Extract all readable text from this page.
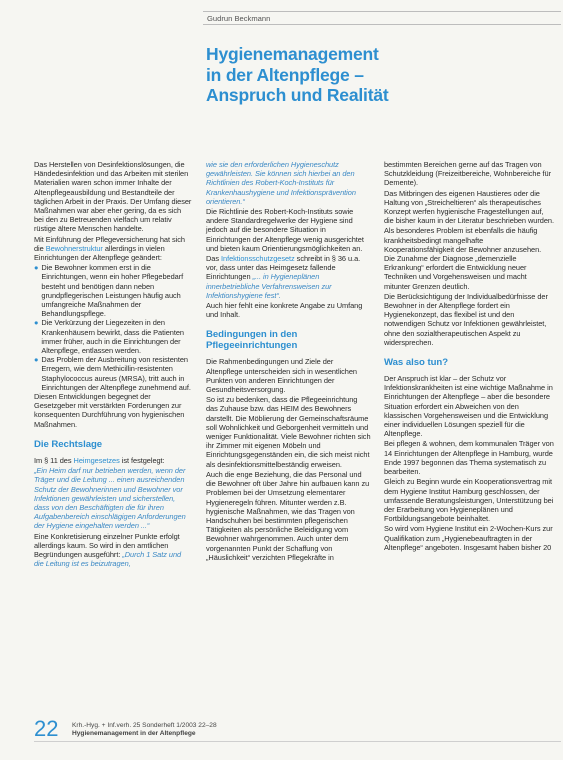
Gudrun Beckmann
Hygienemanagement
in der Altenpflege –
Anspruch und Realität

Das Herstellen von Desinfektionslösungen, die Händedesinfektion und das Arbeiten mit sterilen Materialien waren schon immer Inhalte der Altenpflegeausbildung und Bestandteile der täglichen Arbeit in der Praxis. Der Umfang dieser Maßnahmen war aber eher gering, da es sich bei den zu Betreuenden vielfach um relativ rüstige ältere Menschen handelte.

Mit Einführung der Pflegeversicherung hat sich die Bewohnerstruktur allerdings in vielen Einrichtungen der Altenpflege geändert:

● Die Bewohner kommen erst in die Einrichtungen, wenn ein hoher Pflegebedarf besteht und benötigen dann neben grundpflegerischen Leistungen häufig auch umfangreiche Maßnahmen der Behandlungspflege.
● Die Verkürzung der Liegezeiten in den Krankenhäusern bewirkt, dass die Patienten immer früher, auch in die Einrichtungen der Altenpflege, entlassen werden.
● Das Problem der Ausbreitung von resistenten Erregern, wie dem Methicillin-resistenten Staphylococcus aureus (MRSA), tritt auch in Einrichtungen der Altenpflege zunehmend auf.

Diesen Entwicklungen begegnet der Gesetzgeber mit verstärkten Forderungen zur konsequenten Durchführung von hygienischen Maßnahmen.

Die Rechtslage

Im § 11 des Heimgesetzes ist festgelegt:

„Ein Heim darf nur betrieben werden, wenn der Träger und die Leitung ... einen ausreichenden Schutz der Bewohnerinnen und Bewohner vor Infektionen gewährleisten und sicherstellen, dass von den Beschäftigten die für ihren Aufgabenbereich einschlägigen Anforderungen der Hygiene eingehalten werden ...“

Eine Konkretisierung einzelner Punkte erfolgt allerdings kaum. So wird in den amtlichen Begründungen ausgeführt: „Durch 1 Satz und die Leitung ist es beizutragen,

wie sie den erforderlichen Hygieneschutz gewährleisten. Sie können sich hierbei an den Richtlinien des Robert-Koch-Instituts für Krankenhaushygiene und Infektionsprävention orientieren.“

Die Richtlinie des Robert-Koch-Instituts sowie andere Standardregelwerke der Hygiene sind jedoch auf die besondere Situation in Einrichtungen der Altenpflege wenig ausgerichtet und bieten kaum Orientierungsmöglichkeiten an.

Das Infektionsschutzgesetz schreibt in § 36 u.a. vor, dass unter das Heimgesetz fallende Einrichtungen „... in Hygieneplänen innerbetriebliche Verfahrensweisen zur Infektionshygiene fest“.

Auch hier fehlt eine konkrete Angabe zu Umfang und Inhalt.

Bedingungen in den Pflegeeinrichtungen

Die Rahmenbedingungen und Ziele der Altenpflege unterscheiden sich in wesentlichen Punkten von anderen Einrichtungen der Gesundheitsversorgung.

So ist zu bedenken, dass die Pflegeeinrichtung das Zuhause bzw. das HEIM des Bewohners darstellt. Die Möblierung der Gemeinschaftsräume soll Wohnlichkeit und Geborgenheit vermitteln und weniger Funktionalität. Viele Bewohner richten sich ihr Zimmer mit eigenen Möbeln und Einrichtungsgegenständen ein, die sich meist nicht als desinfektionsmittelbeständig erweisen.

Auch die enge Beziehung, die das Personal und die Bewohner oft über Jahre hin aufbauen kann zu Problemen bei der Umsetzung elementarer Hygieneregeln führen. Mitunter werden z.B. hygienische Maßnahmen, wie das Tragen von Handschuhen bei bestimmten pflegerischen Tätigkeiten als persönliche Beleidigung vom Bewohner wahrgenommen. Auch unter dem vorgenannten Punkt der Schaffung von „Häuslichkeit“ verzichten Pflegekräfte in

bestimmten Bereichen gerne auf das Tragen von Schutzkleidung (Freizeitbereiche, Wohnbereiche für Demente).

Das Mitbringen des eigenen Haustieres oder die Haltung von „Streicheltieren“ als therapeutisches Konzept werfen hygienische Fragestellungen auf, die bisher kaum in der Literatur beschrieben wurden.

Als besonderes Problem ist ebenfalls die häufig krankheitsbedingt mangelhafte Kooperationsfähigkeit der Bewohner anzusehen. Die Zunahme der Diagnose „demenzielle Erkrankung“ erfordert die Entwicklung neuer Techniken und Vorgehensweisen und macht mitunter Grenzen deutlich.

Die Berücksichtigung der Individualbedürfnisse der Bewohner in der Altenpflege fordert ein Hygienekonzept, das flexibel ist und den notwendigen Schutz vor Infektionen gewährleistet, ohne den sozialtherapeutischen Aspekt zu widersprechen.

Was also tun?

Der Anspruch ist klar – der Schutz vor Infektionskrankheiten ist eine wichtige Maßnahme in Einrichtungen der Altenpflege – aber die besondere Situation erfordert ein Abweichen von den klassischen Vorgehensweisen und die Entwicklung einer individuellen Lösungen speziell für die Altenpflege.

Bei pflegen & wohnen, dem kommunalen Träger von 14 Einrichtungen der Altenpflege in Hamburg, wurde Ende 1997 begonnen das Thema systematisch zu bearbeiten.

Gleich zu Beginn wurde ein Kooperationsvertrag mit dem Hygiene Institut Hamburg geschlossen, der umfassende Beratungsleistungen, Unterstützung bei der Erarbeitung von Hygieneplänen und Fortbildungsangebote beinhaltet.

So wird vom Hygiene Institut ein 2-Wochen-Kurs zur Qualifikation zum „Hygienebeauftragten in der Altenpflege“ angeboten. Insgesamt haben bisher 20

22 Krh.-Hyg. + Inf.verh. 25 Sonderheft 1/2003 22–28
Hygienemanagement in der Altenpflege
